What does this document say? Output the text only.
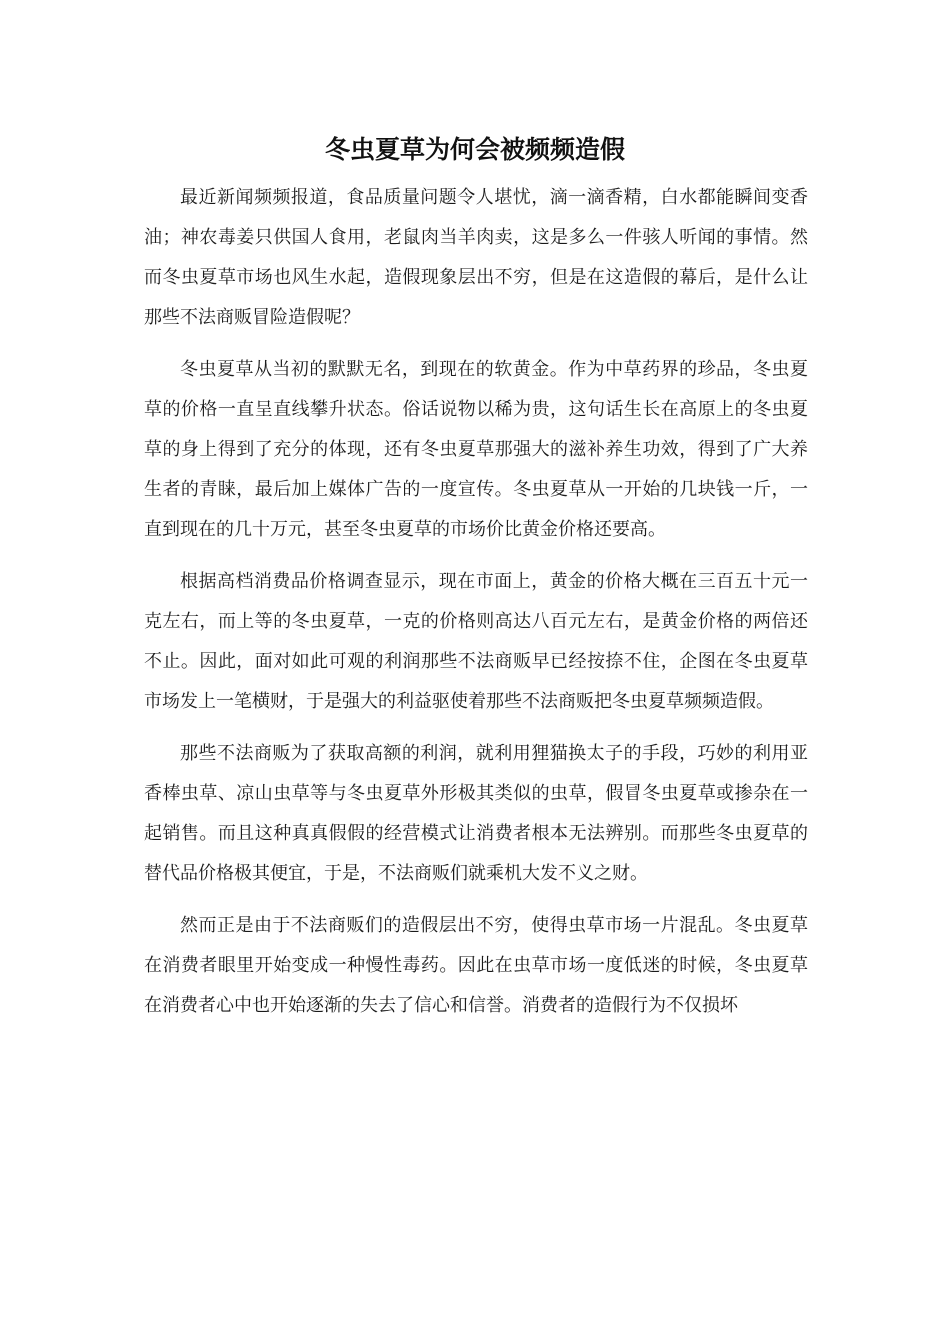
冬虫夏草为何会被频频造假

最近新闻频频报道，食品质量问题令人堪忧，滴一滴香精，白水都能瞬间变香油；神农毒姜只供国人食用，老鼠肉当羊肉卖，这是多么一件骇人听闻的事情。然而冬虫夏草市场也风生水起，造假现象层出不穷，但是在这造假的幕后，是什么让那些不法商贩冒险造假呢？

冬虫夏草从当初的默默无名，到现在的软黄金。作为中草药界的珍品，冬虫夏草的价格一直呈直线攀升状态。俗话说物以稀为贵，这句话生长在高原上的冬虫夏草的身上得到了充分的体现，还有冬虫夏草那强大的滋补养生功效，得到了广大养生者的青睐，最后加上媒体广告的一度宣传。冬虫夏草从一开始的几块钱一斤，一直到现在的几十万元，甚至冬虫夏草的市场价比黄金价格还要高。

根据高档消费品价格调查显示，现在市面上，黄金的价格大概在三百五十元一克左右，而上等的冬虫夏草，一克的价格则高达八百元左右，是黄金价格的两倍还不止。因此，面对如此可观的利润那些不法商贩早已经按捺不住，企图在冬虫夏草市场发上一笔横财，于是强大的利益驱使着那些不法商贩把冬虫夏草频频造假。

那些不法商贩为了获取高额的利润，就利用狸猫换太子的手段，巧妙的利用亚香棒虫草、凉山虫草等与冬虫夏草外形极其类似的虫草，假冒冬虫夏草或掺杂在一起销售。而且这种真真假假的经营模式让消费者根本无法辨别。而那些冬虫夏草的替代品价格极其便宜，于是，不法商贩们就乘机大发不义之财。

然而正是由于不法商贩们的造假层出不穷，使得虫草市场一片混乱。冬虫夏草在消费者眼里开始变成一种慢性毒药。因此在虫草市场一度低迷的时候，冬虫夏草在消费者心中也开始逐渐的失去了信心和信誉。消费者的造假行为不仅损坏
